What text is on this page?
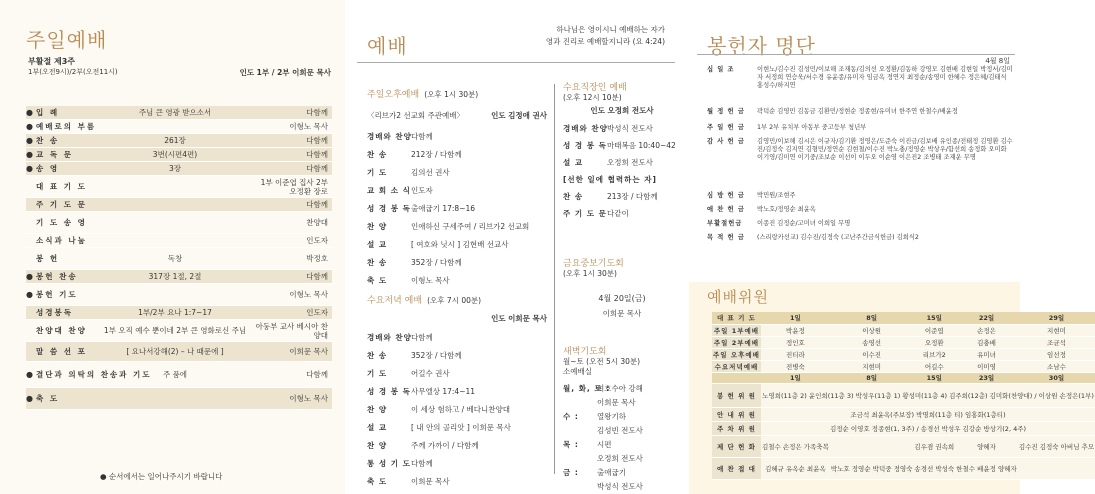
주일예배
부활절 제3주
1부(오전9시)/2부(오전11시)	인도 1부 / 2부 이희문 목사
● 입 례	주님 큰 영광 받으소서	다함께
● 예배로의 부름	이형노 목사
● 찬 송	261장	다함께
● 교 독 문	3번(시편4편)	다함께
● 송 영	3장	다함께
대 표 기 도	1부 이준엽 집사 2부 오정환 장로
주 기 도 문	다함께
기 도 송 영	찬양대
소식과 나눔	인도자
봉 헌	독창	박정호
● 봉헌 찬송	317장 1절, 2절	다함께
● 봉헌 기도	이형노 목사
성경봉독	1부/2부 요나 1:7~17	인도자
찬양대 찬양	1부 오직 예수 뿐이네 2부 큰 영화로신 주님	아둥부 교사 베시아 찬양대
말 씀 선 포	[ 요나서강해(2) – 나 때문에 ]	이희문 목사
● 결단과 의탁의 찬송과 기도	주 품에	다함께
● 축 도	이형노 목사
● 순서에서는 일어나주시기 바랍니다
예배
하나님은 영이시니 예배하는 자가
영과 진리로 예배할지니라 (요 4:24)
주일오후예배 (오후 1시 30분)
〈리브가2 선교회 주관예배〉	인도 김정애 권사
경배와 찬양 다함께
찬 송	212장 / 다함께
기 도	김의선 권사
교 회 소 식 인도자
성 경 봉 독 출애굽기 17:8~16
찬 양	인애하신 구세주여 / 리브가2 선교회
설 교	[ 여호와 닛시 ] 김현배 선교사
찬 송	352장 / 다함께
축 도	이형노 목사
수요저녁 예배 (오후 7시 00분)
인도 이희문 목사
경배와 찬양 다함께
찬 송	352장 / 다함께
기 도	어길수 권사
성 경 봉 독 사무엘상 17:4~11
찬 양	이 세상 험하고 / 베다니찬양대
설 교	[ 내 안의 골리앗 ] 이희문 목사
찬 양	주께 가까이 / 다함께
통 성 기 도 다함께
축 도	이희문 목사
수요직장인 예배
(오후 12시 10분)
인도 오정희 전도사
경배와 찬양 박성식 전도사
성 경 봉 독 마태복음 10:40~42
설 교	오정희 전도사
[선한 일에 협력하는 자]
찬 송	213장 / 다함께
주 기 도 문 다같이
금요중보기도회
(오후 1시 30분)
4월 20일(금)
이희문 목사
새벽기도회
월~토 (오전 5시 30분)
소예배실
월, 화, 토 :
여호수아 강해
이희문 목사
수 :	열왕기하
김성빈 전도사
목 :	시편
오정희 전도사
금 :	출애굽기
박성식 전도사
봉헌자 명단
4월 8일
십 일 조	이현노/김수진 김성민/이보해 조재동/김의선 오정환/김동하 강영모 김현배 김현일 박정서/김미자 서정희 연승욱/서수경 유윤종/유미자 임금옥 정연지 최정순/송영미 한혜수 정은혜/김태식 홍성수/하지연
월 정 헌 금	곽덕순 김영민 김동금 김환민/정현순 정종현/유미녀 한주연 한철수/배윤정
주 일 헌 금	1부 2부 유치부 아동부 중고등부 청년부
감 사 헌 금	김영민/이보해 김시은 이규자/김기환 정영은/도준숙 이진금/김보배 유인종/전태정 김영환 김수진/김정숙 김지연 김형민/정연순 김현철/이수진 박노충/정영순 박상우/함선희 송정화 오미화 이기영/김미연 이기중/조보순 이선이 이두오 이순영 이은진2 조병태 조재운 무명
심 방 헌 금	박민원/조현주
애 찬 헌 금	박노호/정영순 최윤옥
부활절헌금	이종진 김정순/고미녀 이희일 무명
목 적 헌 금	(스리랑카선교) 김수진/김정숙 (고난주간금식헌금) 김희식2
예배위원
대 표 기 도	1일	8일	15일	22일	29일
주일 1부예배	박윤정	이상원	이준엽	손정은	지현미
주일 2부예배	정인호	송영선	오정환	김충배	조균석
주일 오후예배	진티라	이수진	리브가2	유미녀	임선정
수요저녁예배	전병숙	지현미	어길수	이미영	소남수
	1일	8일	15일	23일	30일
봉 헌 위 원	노영희(11층 2) 윤인희(11층 3) 박성우(11층 1) 황성미(11층 4) 김주희(12층) 김미화(찬양대) / 이상원 손정은(1부)				
안 내 위 원	조금석 최윤옥(주보장) 박명희(11층 티) 임홍화(1층티)				
주 차 위 원	김정순 이영호 정종현(1, 3주) / 송경선 박성우 김강순 방상기(2, 4주)				
제 단 헌 화	김철수 손정은 가족축복		김우겸 권속희	양혜자	김수진 김정숙 아버님 추모
애 찬 접 대	김혜규 유옥순 최윤옥	박노호 정영순 박덕중 정영숙	송경선 박성숙	한철수 배윤정 양혜자	
